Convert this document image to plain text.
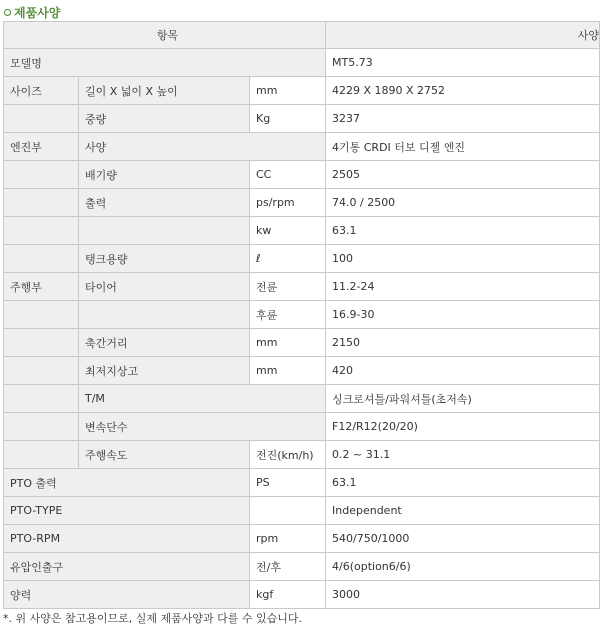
제품사양
항목			사양
모델명			MT5.73
사이즈	길이 X 넓이 X 높이	mm	4229 X 1890 X 2752
	중량	Kg	3237
엔진부	사양		4기통 CRDI 터보 디젤 엔진
	배기량	CC	2505
	출력	ps/rpm	74.0 / 2500
		kw	63.1
	탱크용량	ℓ	100
주행부	타이어	전륜	11.2-24
		후륜	16.9-30
	축간거리	mm	2150
	최저지상고	mm	420
	T/M		싱크로셔틀/파워셔틀(초저속)
	변속단수		F12/R12(20/20)
	주행속도	전진(km/h)	0.2 ~ 31.1
PTO 출력		PS	63.1
PTO-TYPE			Independent
PTO-RPM		rpm	540/750/1000
유압인출구		전/후	4/6(option6/6)
양력		kgf	3000
*. 위 사양은 참고용이므로, 실제 제품사양과 다를 수 있습니다.
